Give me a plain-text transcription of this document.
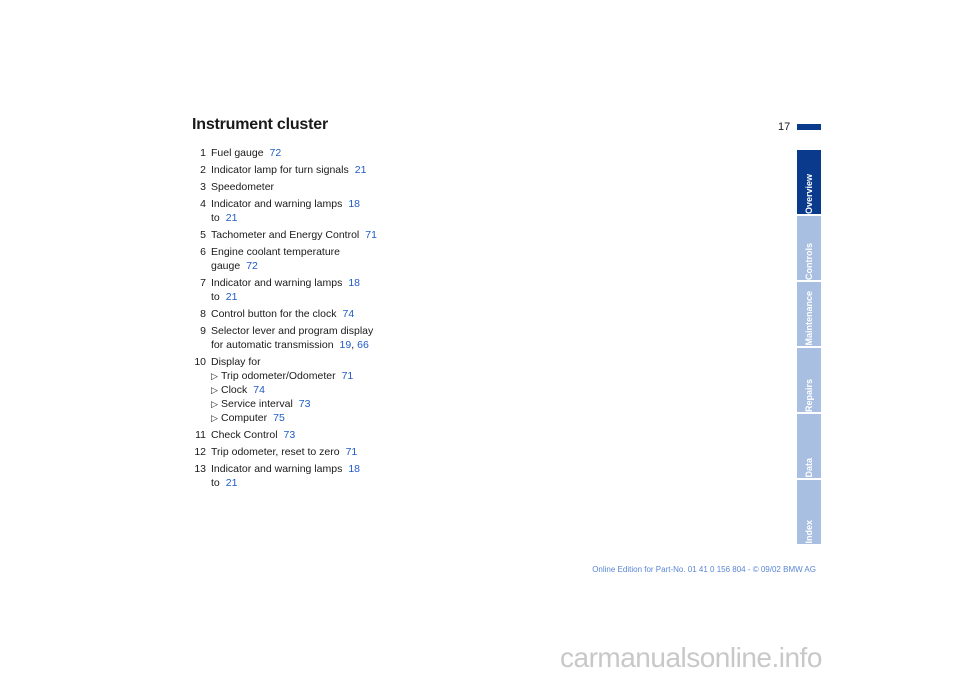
Instrument cluster	17
1 Fuel gauge 72
2 Indicator lamp for turn signals 21
3 Speedometer
4 Indicator and warning lamps 18
to 21
5 Tachometer and Energy Control 71
6 Engine coolant temperature
gauge 72
7 Indicator and warning lamps 18
to 21
8 Control button for the clock 74
9 Selector lever and program display
for automatic transmission 19, 66
10 Display for
▷ Trip odometer/Odometer 71
▷ Clock 74
▷ Service interval 73
▷ Computer 75
11 Check Control 73
12 Trip odometer, reset to zero 71
13 Indicator and warning lamps 18
to 21
Overview
Controls
Maintenance
Repairs
Data
Index
Online Edition for Part-No. 01 41 0 156 804 - © 09/02 BMW AG
carmanualsonline.info
